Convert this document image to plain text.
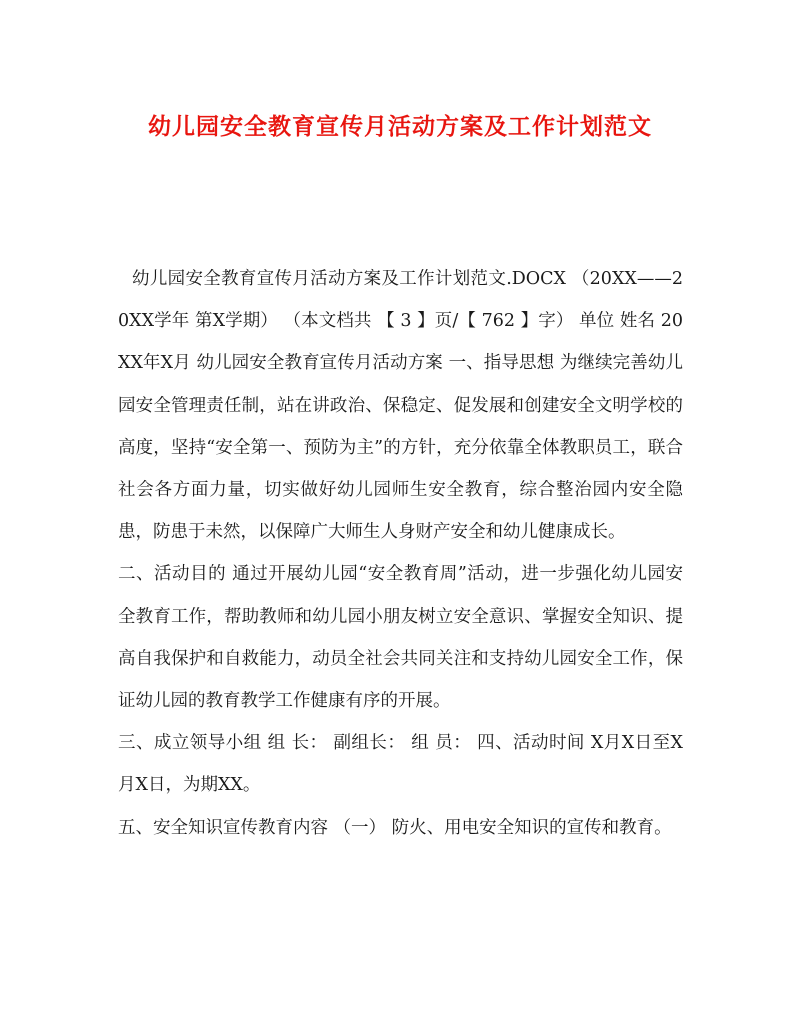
幼儿园安全教育宣传月活动方案及工作计划范文

幼儿园安全教育宣传月活动方案及工作计划范文.DOCX （20XX——20XX学年 第X学期） （本文档共 【 3 】页/【 762 】字） 单位 姓名 20XX年X月 幼儿园安全教育宣传月活动方案 一、指导思想 为继续完善幼儿园安全管理责任制，站在讲政治、保稳定、促发展和创建安全文明学校的高度，坚持“安全第一、预防为主”的方针，充分依靠全体教职员工，联合社会各方面力量，切实做好幼儿园师生安全教育，综合整治园内安全隐患，防患于未然，以保障广大师生人身财产安全和幼儿健康成长。

二、活动目的 通过开展幼儿园“安全教育周”活动，进一步强化幼儿园安全教育工作，帮助教师和幼儿园小朋友树立安全意识、掌握安全知识、提高自我保护和自救能力，动员全社会共同关注和支持幼儿园安全工作，保证幼儿园的教育教学工作健康有序的开展。

三、成立领导小组 组 长： 副组长： 组 员： 四、活动时间 X月X日至X月X日，为期XX。

五、安全知识宣传教育内容 （一） 防火、用电安全知识的宣传和教育。
